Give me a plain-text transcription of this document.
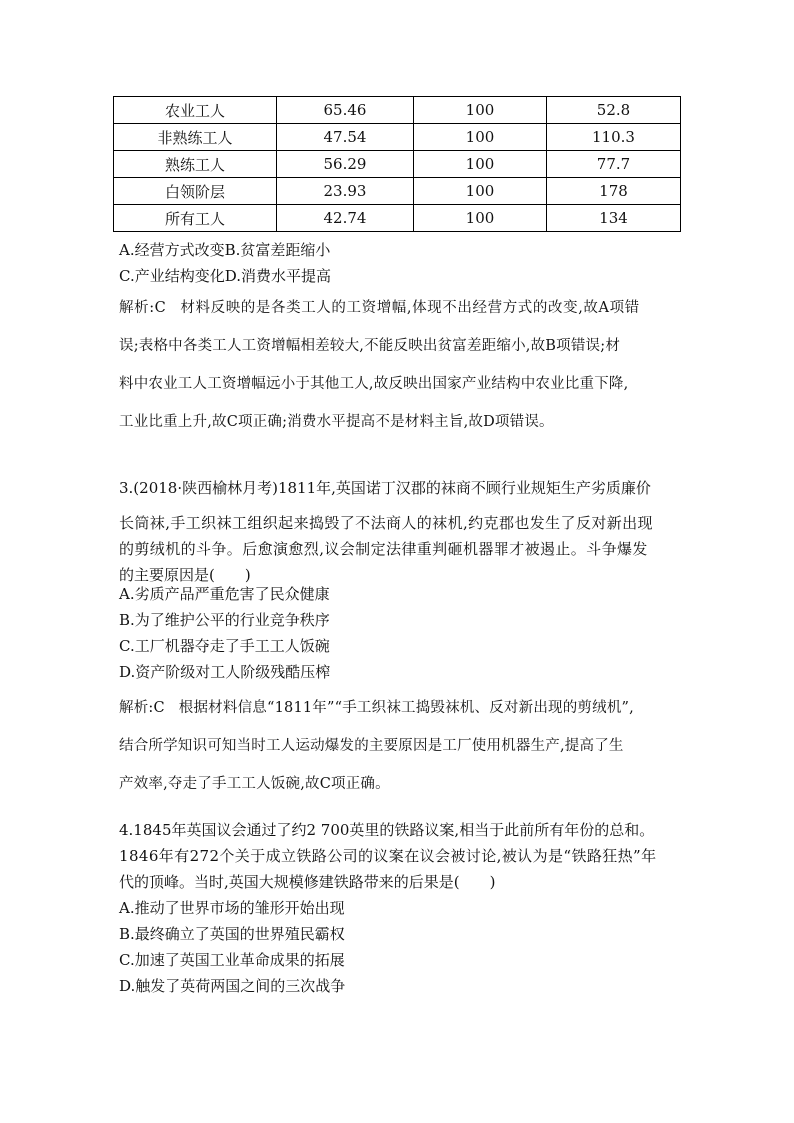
农业工人	65.46	100	52.8
非熟练工人	47.54	100	110.3
熟练工人	56.29	100	77.7
白领阶层	23.93	100	178
所有工人	42.74	100	134
A.经营方式改变B.贫富差距缩小
C.产业结构变化D.消费水平提高
解析:C 材料反映的是各类工人的工资增幅,体现不出经营方式的改变,故A项错
误;表格中各类工人工资增幅相差较大,不能反映出贫富差距缩小,故B项错误;材
料中农业工人工资增幅远小于其他工人,故反映出国家产业结构中农业比重下降,
工业比重上升,故C项正确;消费水平提高不是材料主旨,故D项错误。
3.(2018·陕西榆林月考)1811年,英国诺丁汉郡的袜商不顾行业规矩生产劣质廉价
长筒袜,手工织袜工组织起来捣毁了不法商人的袜机,约克郡也发生了反对新出现
的剪绒机的斗争。后愈演愈烈,议会制定法律重判砸机器罪才被遏止。斗争爆发
的主要原因是(　　)
A.劣质产品严重危害了民众健康
B.为了维护公平的行业竞争秩序
C.工厂机器夺走了手工工人饭碗
D.资产阶级对工人阶级残酷压榨
解析:C 根据材料信息“1811年”“手工织袜工捣毁袜机、反对新出现的剪绒机”,
结合所学知识可知当时工人运动爆发的主要原因是工厂使用机器生产,提高了生
产效率,夺走了手工工人饭碗,故C项正确。
4.1845年英国议会通过了约2 700英里的铁路议案,相当于此前所有年份的总和。
1846年有272个关于成立铁路公司的议案在议会被讨论,被认为是“铁路狂热”年
代的顶峰。当时,英国大规模修建铁路带来的后果是(　　)
A.推动了世界市场的雏形开始出现
B.最终确立了英国的世界殖民霸权
C.加速了英国工业革命成果的拓展
D.触发了英荷两国之间的三次战争
